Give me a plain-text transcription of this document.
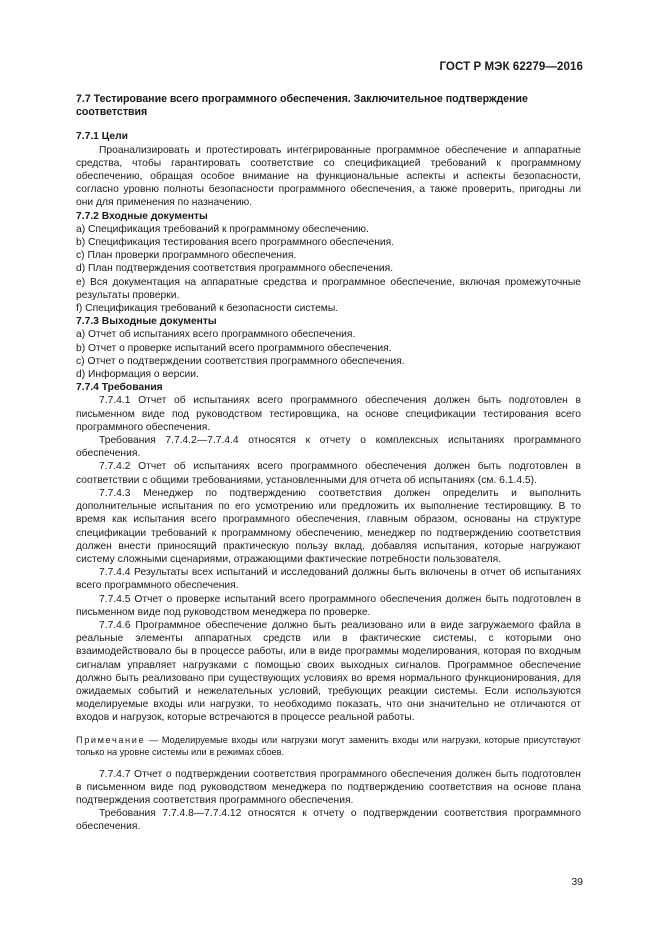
ГОСТ Р МЭК 62279—2016

7.7 Тестирование всего программного обеспечения. Заключительное подтверждение соответствия

7.7.1 Цели

Проанализировать и протестировать интегрированные программное обеспечение и аппаратные средства, чтобы гарантировать соответствие со спецификацией требований к программному обеспечению, обращая особое внимание на функциональные аспекты и аспекты безопасности, согласно уровню полноты безопасности программного обеспечения, а также проверить, пригодны ли они для применения по назначению.

7.7.2 Входные документы

a) Спецификация требований к программному обеспечению.

b) Спецификация тестирования всего программного обеспечения.

c) План проверки программного обеспечения.

d) План подтверждения соответствия программного обеспечения.

e) Вся документация на аппаратные средства и программное обеспечение, включая промежуточные результаты проверки.

f) Спецификация требований к безопасности системы.

7.7.3 Выходные документы

a) Отчет об испытаниях всего программного обеспечения.

b) Отчет о проверке испытаний всего программного обеспечения.

c) Отчет о подтверждении соответствия программного обеспечения.

d) Информация о версии.

7.7.4 Требования

7.7.4.1 Отчет об испытаниях всего программного обеспечения должен быть подготовлен в письменном виде под руководством тестировщика, на основе спецификации тестирования всего программного обеспечения.

Требования 7.7.4.2—7.7.4.4 относятся к отчету о комплексных испытаниях программного обеспечения.

7.7.4.2 Отчет об испытаниях всего программного обеспечения должен быть подготовлен в соответствии с общими требованиями, установленными для отчета об испытаниях (см. 6.1.4.5).

7.7.4.3 Менеджер по подтверждению соответствия должен определить и выполнить дополнительные испытания по его усмотрению или предложить их выполнение тестировщику. В то время как испытания всего программного обеспечения, главным образом, основаны на структуре спецификации требований к программному обеспечению, менеджер по подтверждению соответствия должен внести приносящий практическую пользу вклад, добавляя испытания, которые нагружают систему сложными сценариями, отражающими фактические потребности пользователя.

7.7.4.4 Результаты всех испытаний и исследований должны быть включены в отчет об испытаниях всего программного обеспечения.

7.7.4.5 Отчет о проверке испытаний всего программного обеспечения должен быть подготовлен в письменном виде под руководством менеджера по проверке.

7.7.4.6 Программное обеспечение должно быть реализовано или в виде загружаемого файла в реальные элементы аппаратных средств или в фактические системы, с которыми оно взаимодействовало бы в процессе работы, или в виде программы моделирования, которая по входным сигналам управляет нагрузками с помощью своих выходных сигналов. Программное обеспечение должно быть реализовано при существующих условиях во время нормального функционирования, для ожидаемых событий и нежелательных условий, требующих реакции системы. Если используются моделируемые входы или нагрузки, то необходимо показать, что они значительно не отличаются от входов и нагрузок, которые встречаются в процессе реальной работы.

Примечание — Моделируемые входы или нагрузки могут заменить входы или нагрузки, которые присутствуют только на уровне системы или в режимах сбоев.

7.7.4.7 Отчет о подтверждении соответствия программного обеспечения должен быть подготовлен в письменном виде под руководством менеджера по подтверждению соответствия на основе плана подтверждения соответствия программного обеспечения.

Требования 7.7.4.8—7.7.4.12 относятся к отчету о подтверждении соответствия программного обеспечения.

39
